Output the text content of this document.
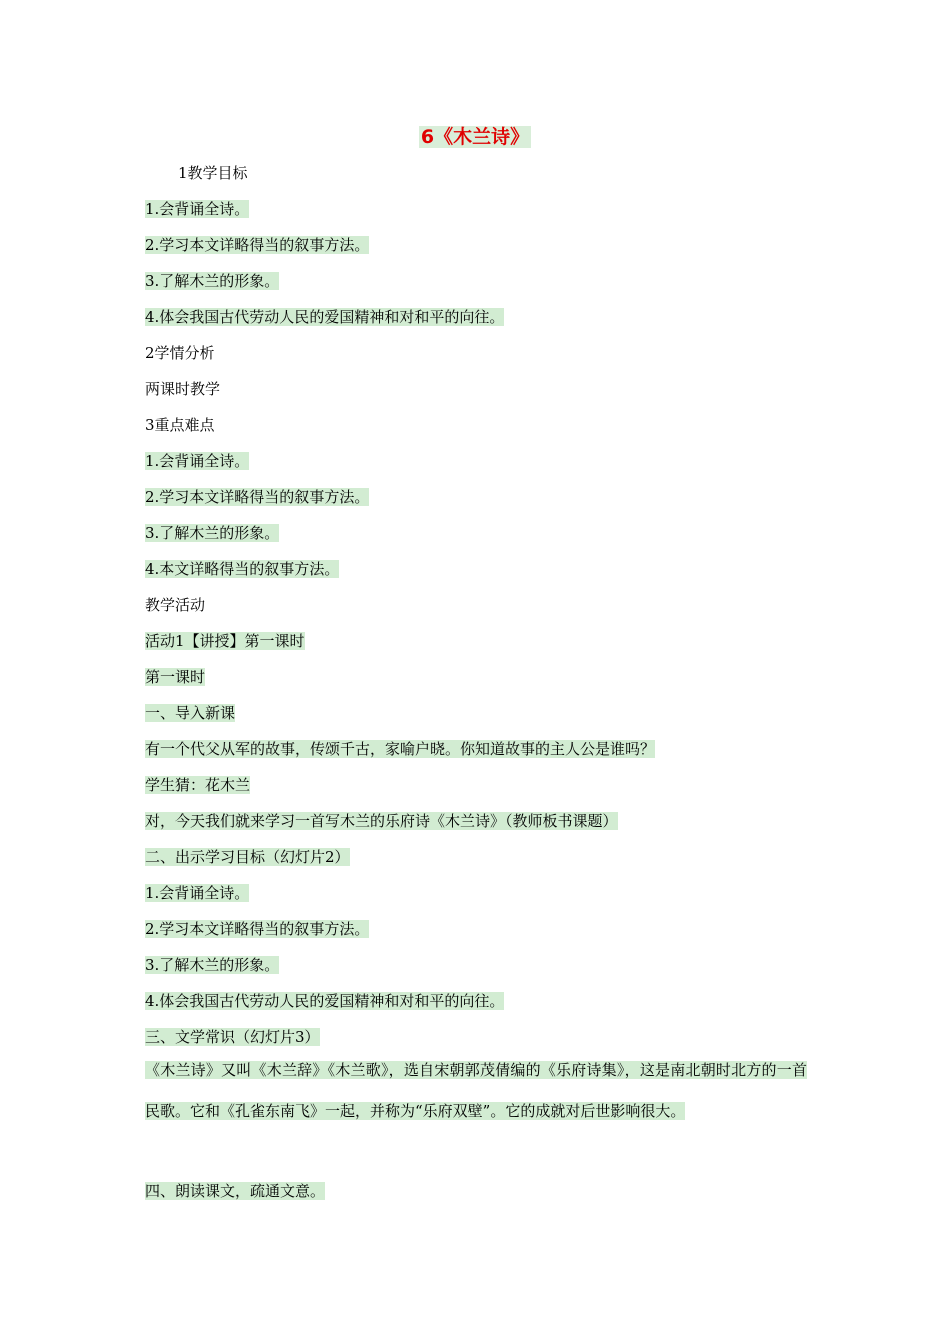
6《木兰诗》
1教学目标
1.会背诵全诗。
2.学习本文详略得当的叙事方法。
3.了解木兰的形象。
4.体会我国古代劳动人民的爱国精神和对和平的向往。
2学情分析
两课时教学
3重点难点
1.会背诵全诗。
2.学习本文详略得当的叙事方法。
3.了解木兰的形象。
4.本文详略得当的叙事方法。
教学活动
活动1【讲授】第一课时
第一课时
一、导入新课
有一个代父从军的故事，传颂千古，家喻户晓。你知道故事的主人公是谁吗？
学生猜：花木兰
对，今天我们就来学习一首写木兰的乐府诗《木兰诗》（教师板书课题）
二、出示学习目标（幻灯片2）
1.会背诵全诗。
2.学习本文详略得当的叙事方法。
3.了解木兰的形象。
4.体会我国古代劳动人民的爱国精神和对和平的向往。
三、文学常识（幻灯片3）
《木兰诗》又叫《木兰辞》《木兰歌》，选自宋朝郭茂倩编的《乐府诗集》，这是南北朝时北方的一首民歌。它和《孔雀东南飞》一起，并称为“乐府双壁”。它的成就对后世影响很大。
四、朗读课文，疏通文意。
